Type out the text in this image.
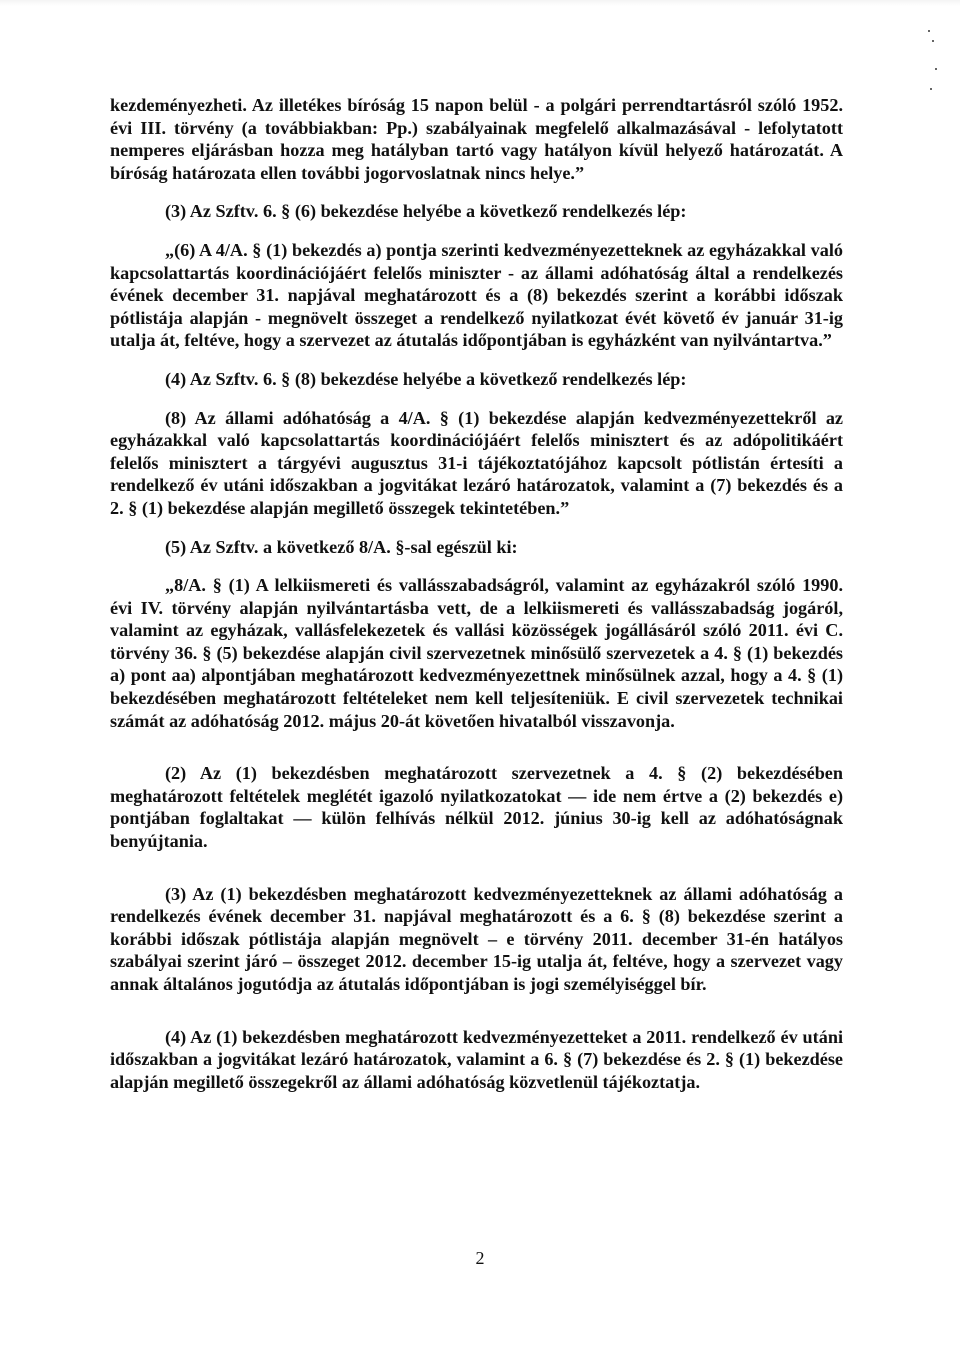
kezdeményezheti. Az illetékes bíróság 15 napon belül - a polgári perrendtartásról szóló 1952. évi III. törvény (a továbbiakban: Pp.) szabályainak megfelelő alkalmazásával - lefolytatott nemperes eljárásban hozza meg hatályban tartó vagy hatályon kívül helyező határozatát. A bíróság határozata ellen további jogorvoslatnak nincs helye.”

(3) Az Szftv. 6. § (6) bekezdése helyébe a következő rendelkezés lép:

„(6) A 4/A. § (1) bekezdés a) pontja szerinti kedvezményezetteknek az egyházakkal való kapcsolattartás koordinációjáért felelős miniszter - az állami adóhatóság által a rendelkezés évének december 31. napjával meghatározott és a (8) bekezdés szerint a korábbi időszak pótlistája alapján - megnövelt összeget a rendelkező nyilatkozat évét követő év január 31-ig utalja át, feltéve, hogy a szervezet az átutalás időpontjában is egyházként van nyilvántartva.”

(4) Az Szftv. 6. § (8) bekezdése helyébe a következő rendelkezés lép:

(8) Az állami adóhatóság a 4/A. § (1) bekezdése alapján kedvezményezettekről az egyházakkal való kapcsolattartás koordinációjáért felelős minisztert és az adópolitikáért felelős minisztert a tárgyévi augusztus 31-i tájékoztatójához kapcsolt pótlistán értesíti a rendelkező év utáni időszakban a jogvitákat lezáró határozatok, valamint a (7) bekezdés és a 2. § (1) bekezdése alapján megillető összegek tekintetében.”

(5) Az Szftv. a következő 8/A. §-sal egészül ki:

„8/A. § (1) A lelkiismereti és vallásszabadságról, valamint az egyházakról szóló 1990. évi IV. törvény alapján nyilvántartásba vett, de a lelkiismereti és vallásszabadság jogáról, valamint az egyházak, vallásfelekezetek és vallási közösségek jogállásáról szóló 2011. évi C. törvény 36. § (5) bekezdése alapján civil szervezetnek minősülő szervezetek a 4. § (1) bekezdés a) pont aa) alpontjában meghatározott kedvezményezettnek minősülnek azzal, hogy a 4. § (1) bekezdésében meghatározott feltételeket nem kell teljesíteniük. E civil szervezetek technikai számát az adóhatóság 2012. május 20-át követően hivatalból visszavonja.

(2) Az (1) bekezdésben meghatározott szervezetnek a 4. § (2) bekezdésében meghatározott feltételek meglétét igazoló nyilatkozatokat — ide nem értve a (2) bekezdés e) pontjában foglaltakat — külön felhívás nélkül 2012. június 30-ig kell az adóhatóságnak benyújtania.

(3) Az (1) bekezdésben meghatározott kedvezményezetteknek az állami adóhatóság a rendelkezés évének december 31. napjával meghatározott és a 6. § (8) bekezdése szerint a korábbi időszak pótlistája alapján megnövelt – e törvény 2011. december 31-én hatályos szabályai szerint járó – összeget 2012. december 15-ig utalja át, feltéve, hogy a szervezet vagy annak általános jogutódja az átutalás időpontjában is jogi személyiséggel bír.

(4) Az (1) bekezdésben meghatározott kedvezményezetteket a 2011. rendelkező év utáni időszakban a jogvitákat lezáró határozatok, valamint a 6. § (7) bekezdése és 2. § (1) bekezdése alapján megillető összegekről az állami adóhatóság közvetlenül tájékoztatja.

2
